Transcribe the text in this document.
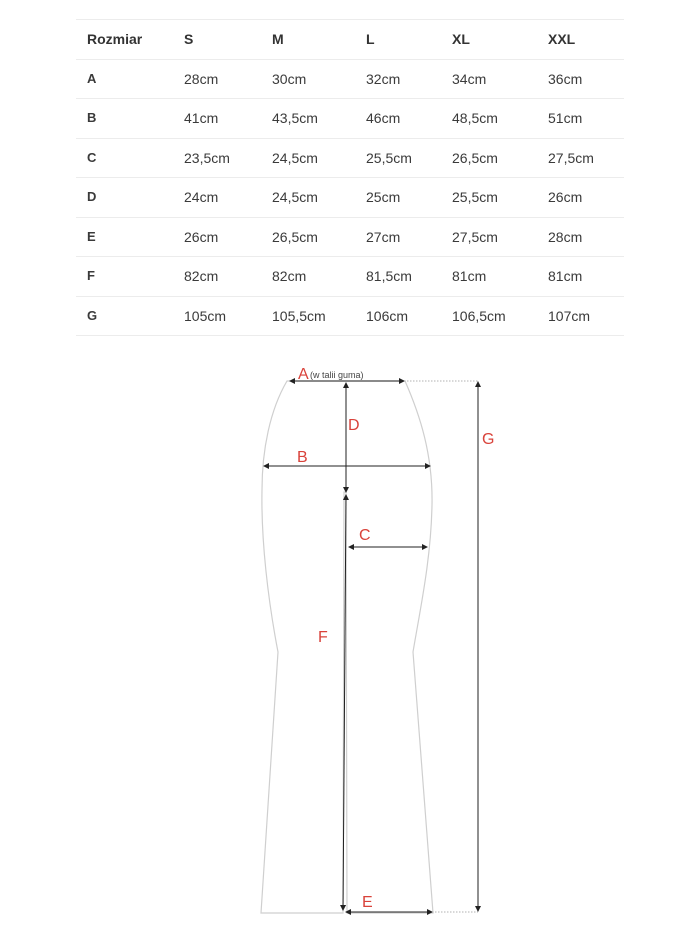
Rozmiar	S	M	L	XL	XXL
A	28cm	30cm	32cm	34cm	36cm
B	41cm	43,5cm	46cm	48,5cm	51cm
C	23,5cm	24,5cm	25,5cm	26,5cm	27,5cm
D	24cm	24,5cm	25cm	25,5cm	26cm
E	26cm	26,5cm	27cm	27,5cm	28cm
F	82cm	82cm	81,5cm	81cm	81cm
G	105cm	105,5cm	106cm	106,5cm	107cm
A (w talii guma)
D
B
C
F
E
G
